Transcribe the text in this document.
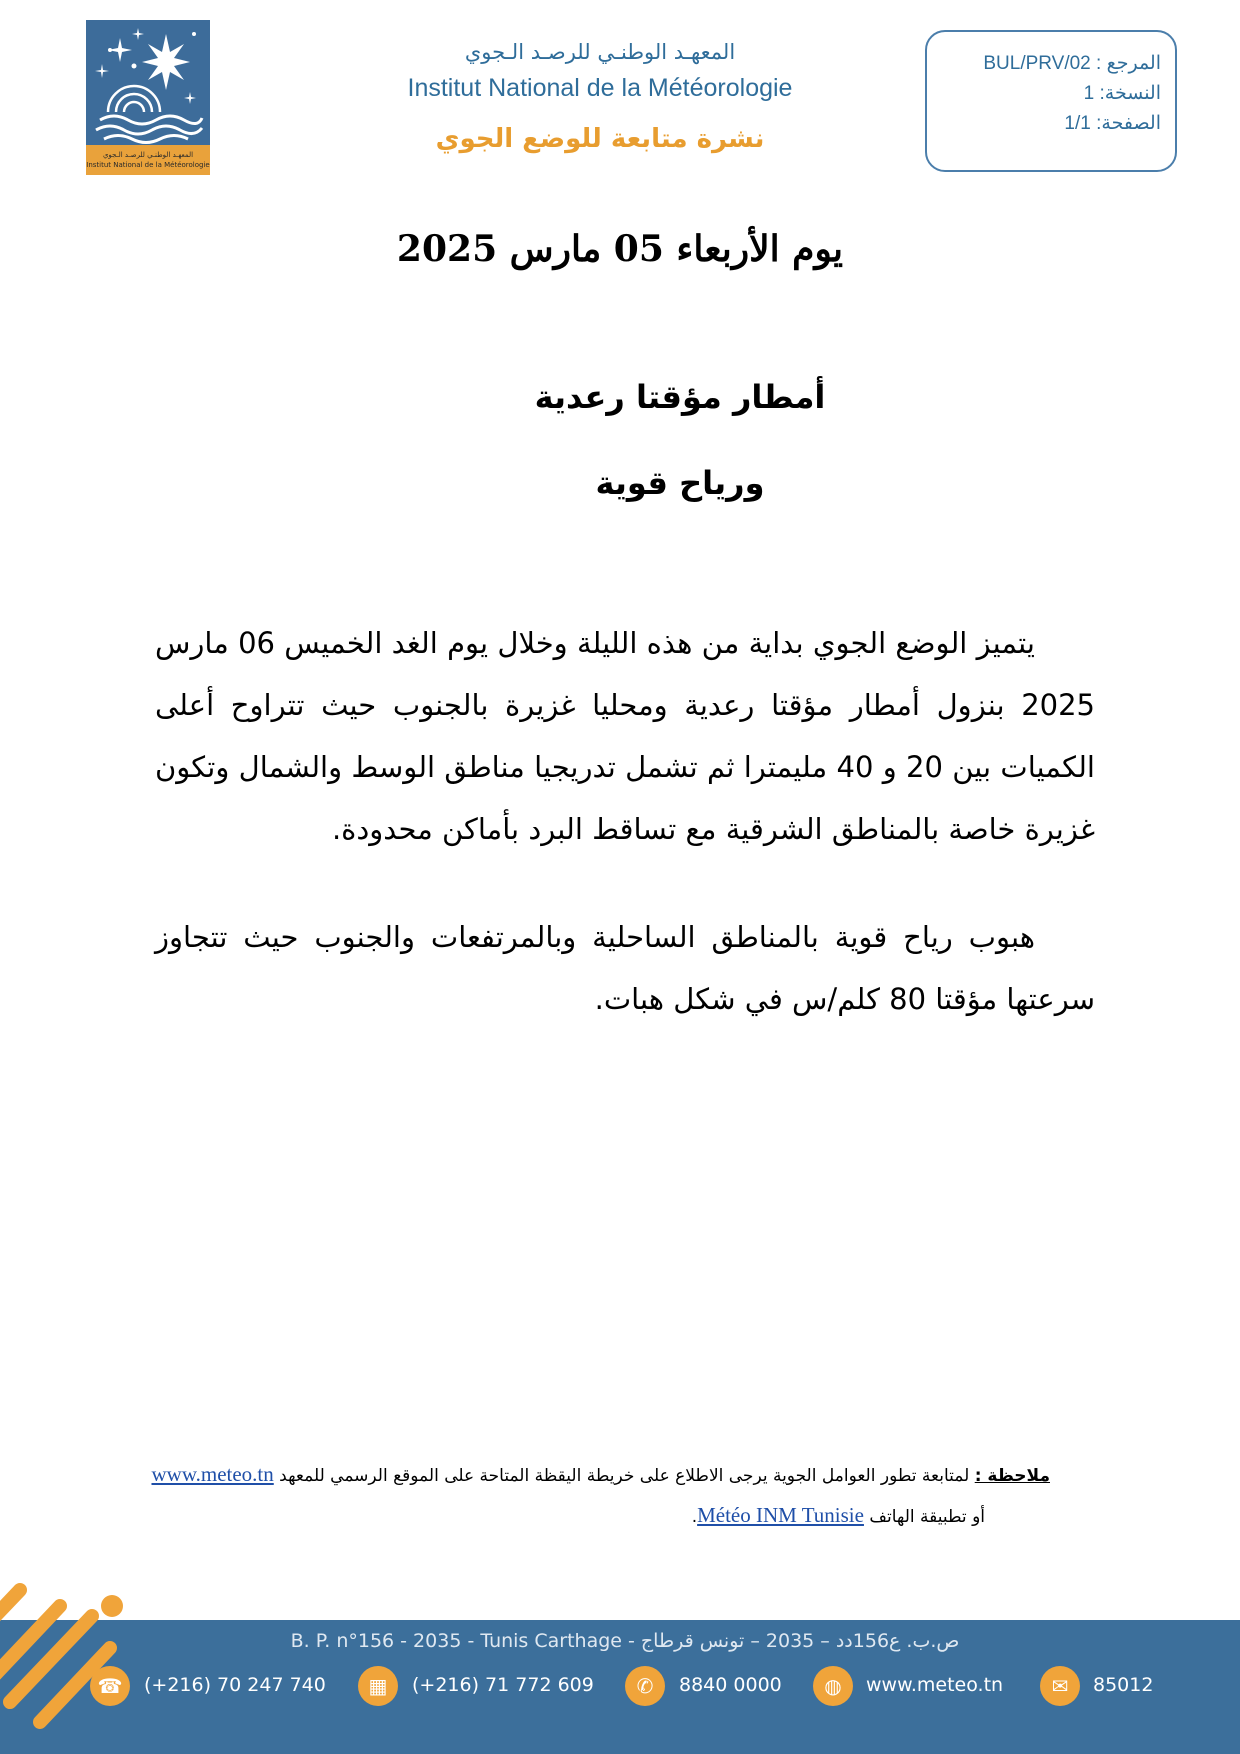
المعهـد الوطنـي للرصـد الـجوي
Institut National de la Météorologie
المعهـد الوطنـي للرصـد الـجوي
Institut National de la Météorologie
نشرة متابعة للوضع الجوي
المرجع : BUL/PRV/02
النسخة: 1
الصفحة: 1/1
يوم الأربعاء 05 مارس 2025
أمطار مؤقتا رعدية
ورياح قوية
يتميز الوضع الجوي بداية من هذه الليلة وخلال يوم الغد الخميس 06 مارس 2025 بنزول أمطار مؤقتا رعدية ومحليا غزيرة بالجنوب حيث تتراوح أعلى الكميات بين 20 و 40 مليمترا ثم تشمل تدريجيا مناطق الوسط والشمال وتكون غزيرة خاصة بالمناطق الشرقية مع تساقط البرد بأماكن محدودة.
هبوب رياح قوية بالمناطق الساحلية وبالمرتفعات والجنوب حيث تتجاوز سرعتها مؤقتا 80 كلم/س في شكل هبات.
ملاحظة : لمتابعة تطور العوامل الجوية يرجى الاطلاع على خريطة اليقظة المتاحة على الموقع الرسمي للمعهد www.meteo.tn
أو تطبيقة الهاتف Météo INM Tunisie.
B. P. n°156 - 2035 - Tunis Carthage - ص.ب. ع156دد – 2035 – تونس قرطاج
☎	(+216) 70 247 740	▦	(+216) 71 772 609	✆	8840 0000	◍	www.meteo.tn	✉	85012
